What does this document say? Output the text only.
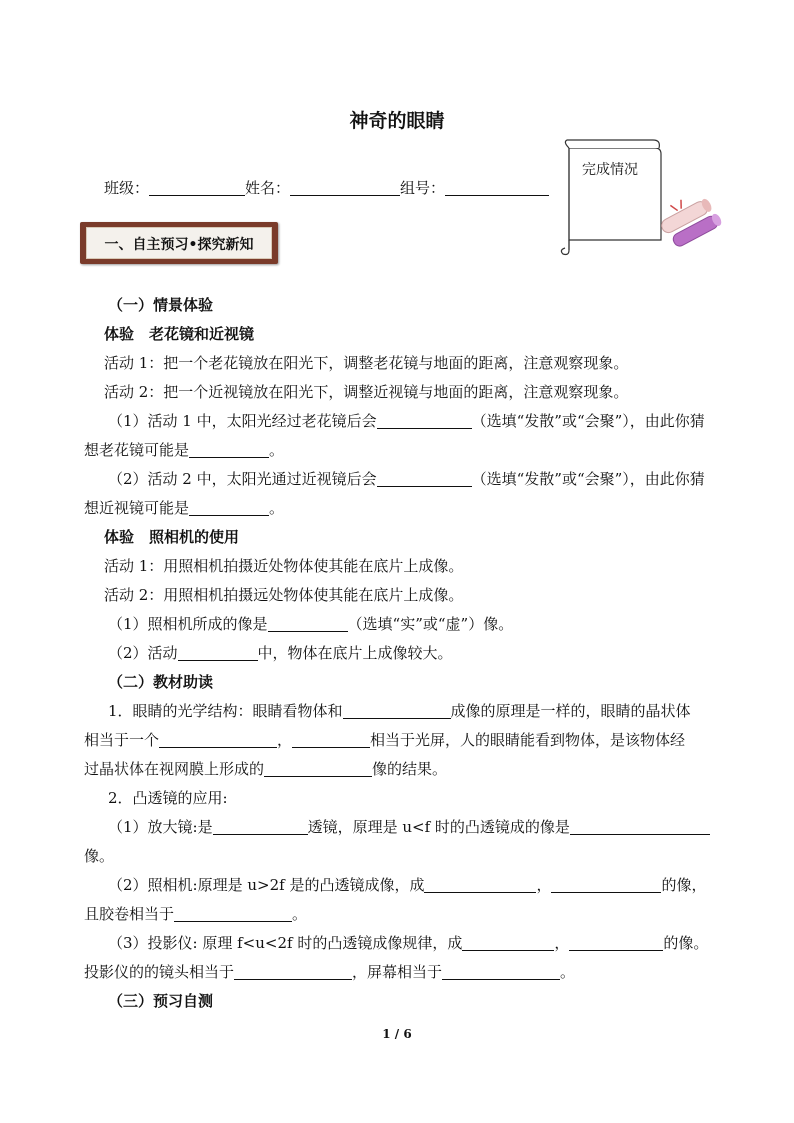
神奇的眼睛
班级：	姓名：	组号：
完成情况
一、自主预习•探究新知
（一）情景体验
体验　老花镜和近视镜
活动 1：把一个老花镜放在阳光下，调整老花镜与地面的距离，注意观察现象。
活动 2：把一个近视镜放在阳光下，调整近视镜与地面的距离，注意观察现象。
（1）活动 1 中，太阳光经过老花镜后会	（选填“发散”或“会聚”），由此你猜
想老花镜可能是	。
（2）活动 2 中，太阳光通过近视镜后会	（选填“发散”或“会聚”），由此你猜
想近视镜可能是	。
体验　照相机的使用
活动 1：用照相机拍摄近处物体使其能在底片上成像。
活动 2：用照相机拍摄远处物体使其能在底片上成像。
（1）照相机所成的像是	（选填“实”或“虚”）像。
（2）活动	中，物体在底片上成像较大。
（二）教材助读
1．眼睛的光学结构：眼睛看物体和	成像的原理是一样的，眼睛的晶状体
相当于一个	，	相当于光屏，人的眼睛能看到物体，是该物体经
过晶状体在视网膜上形成的	像的结果。
2．凸透镜的应用:
（1）放大镜:是	透镜，原理是 u<f 时的凸透镜成的像是
像。
（2）照相机:原理是 u>2f 是的凸透镜成像，成	，	的像，
且胶卷相当于	。
（3）投影仪: 原理 f<u<2f 时的凸透镜成像规律，成	，	的像。
投影仪的的镜头相当于	，屏幕相当于	。
（三）预习自测
1 / 6
